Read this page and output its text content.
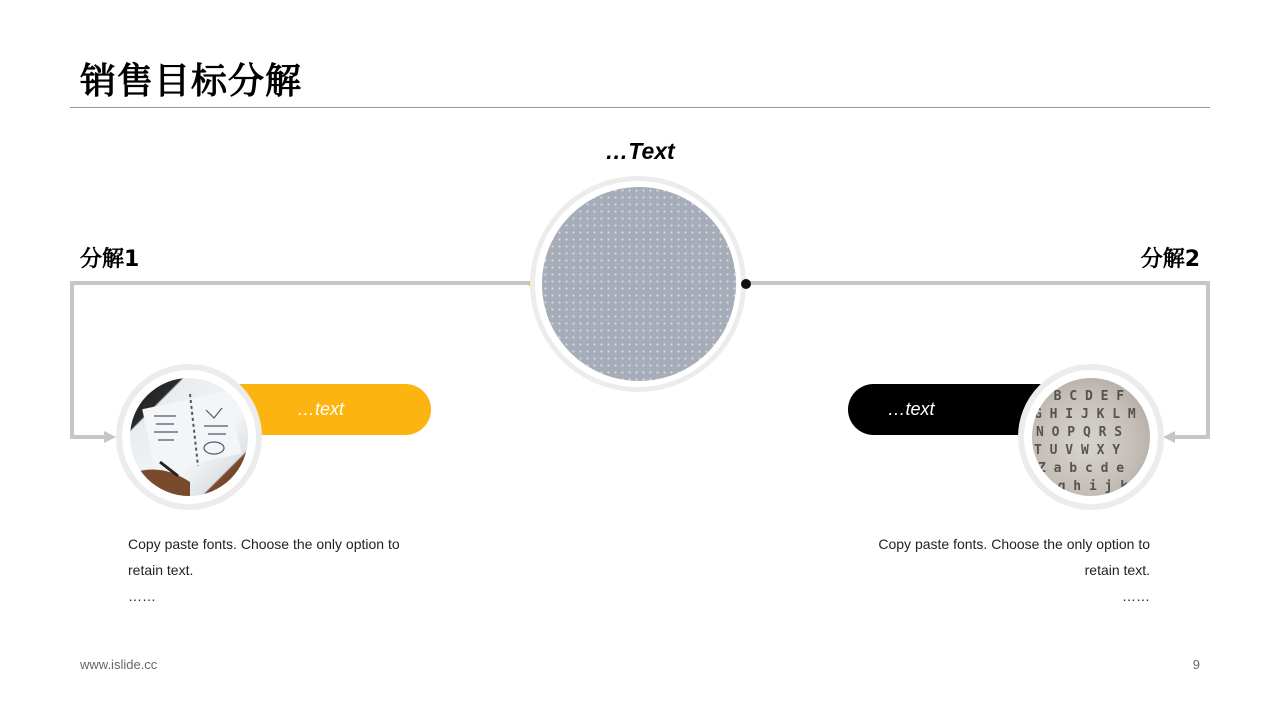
销售目标分解
…Text
分解1	分解2
…text	…text
A B C D E F
G H I J K L M
N O P Q R S
T U V W X Y
Z a b c d e
f g h i j k
Copy paste fonts. Choose the only option to
retain text.
……
Copy paste fonts. Choose the only option to
retain text.
……
www.islide.cc	9
